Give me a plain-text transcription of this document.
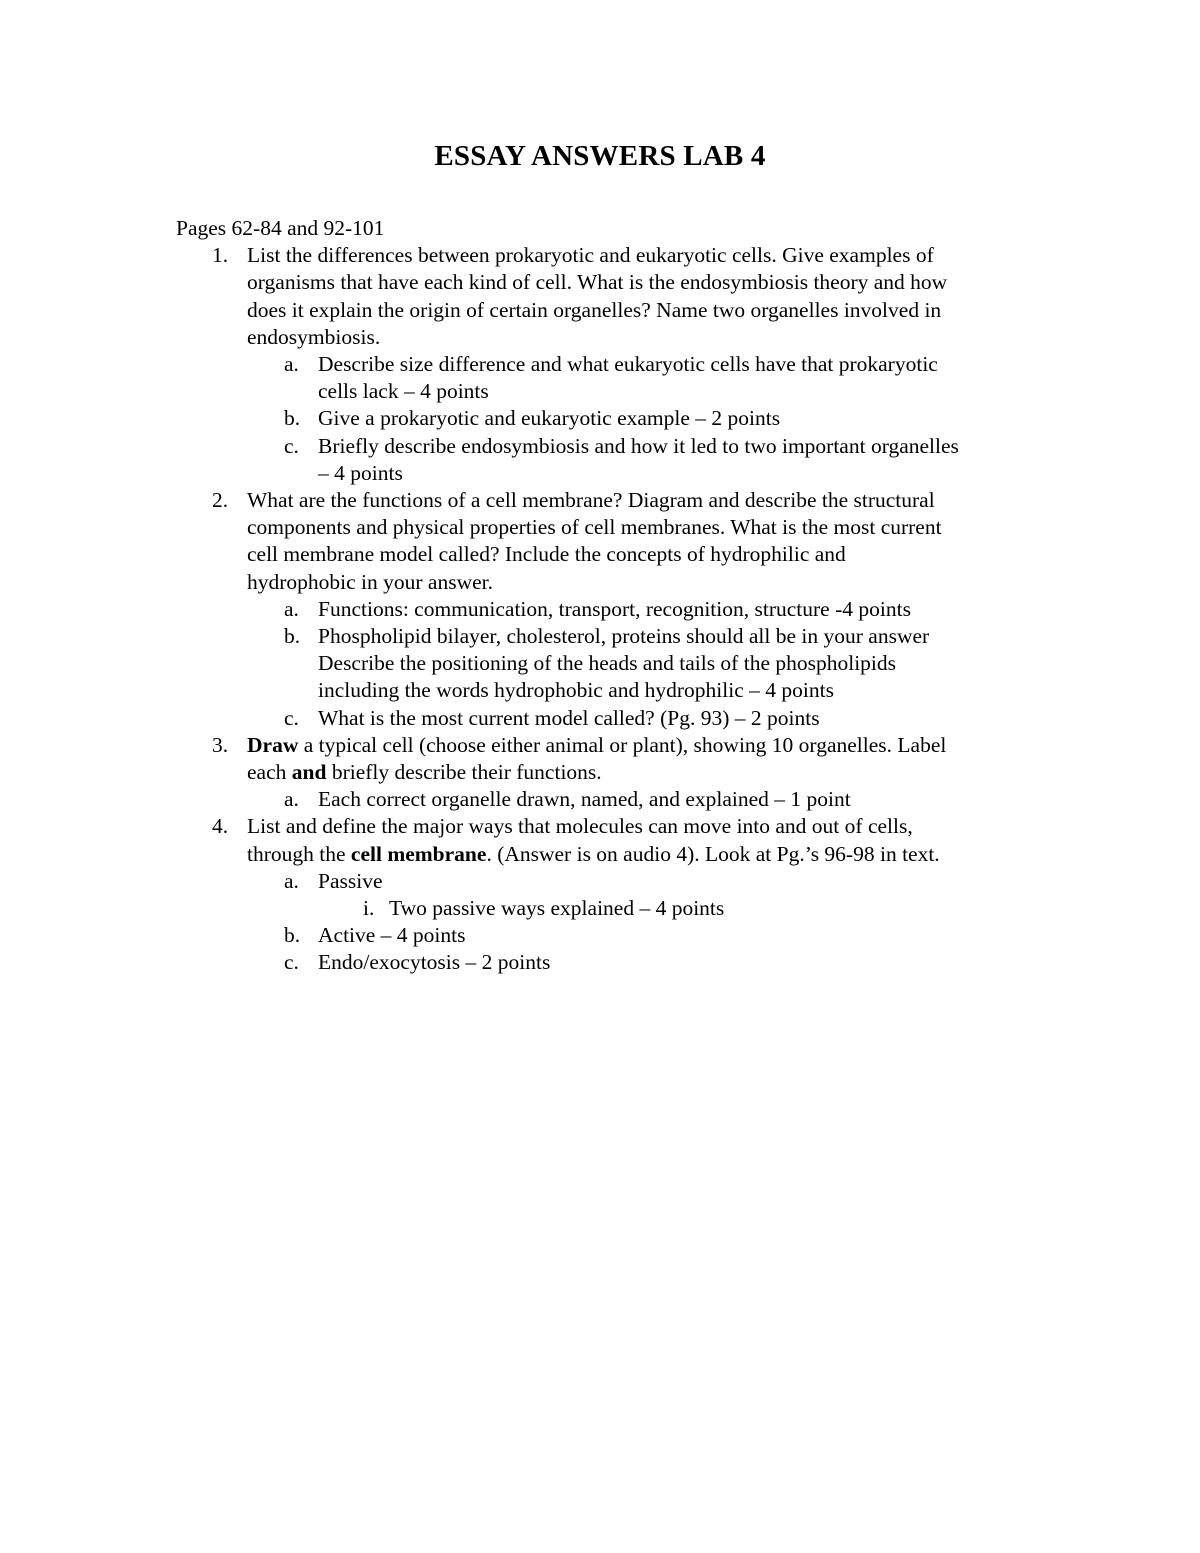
ESSAY ANSWERS LAB 4

Pages 62-84 and 92-101

1. List the differences between prokaryotic and eukaryotic cells. Give examples of
organisms that have each kind of cell. What is the endosymbiosis theory and how
does it explain the origin of certain organelles? Name two organelles involved in
endosymbiosis.
a. Describe size difference and what eukaryotic cells have that prokaryotic
cells lack – 4 points
b. Give a prokaryotic and eukaryotic example – 2 points
c. Briefly describe endosymbiosis and how it led to two important organelles
– 4 points
2. What are the functions of a cell membrane? Diagram and describe the structural
components and physical properties of cell membranes. What is the most current
cell membrane model called? Include the concepts of hydrophilic and
hydrophobic in your answer.
a. Functions: communication, transport, recognition, structure -4 points
b. Phospholipid bilayer, cholesterol, proteins should all be in your answer
Describe the positioning of the heads and tails of the phospholipids
including the words hydrophobic and hydrophilic – 4 points
c. What is the most current model called? (Pg. 93) – 2 points
3. Draw a typical cell (choose either animal or plant), showing 10 organelles. Label
each and briefly describe their functions.
a. Each correct organelle drawn, named, and explained – 1 point
4. List and define the major ways that molecules can move into and out of cells,
through the cell membrane. (Answer is on audio 4). Look at Pg.’s 96-98 in text.
a. Passive
i. Two passive ways explained – 4 points
b. Active – 4 points
c. Endo/exocytosis – 2 points
